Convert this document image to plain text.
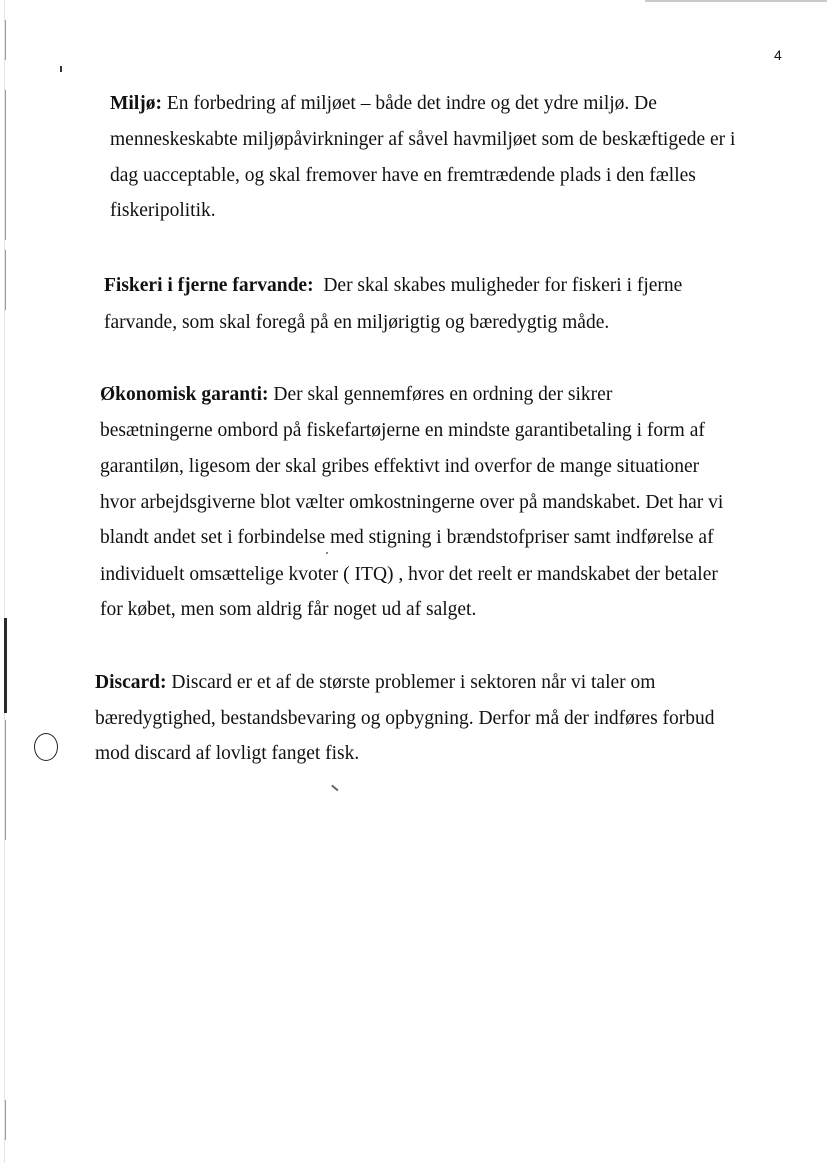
4
Miljø: En forbedring af miljøet – både det indre og det ydre miljø. De
menneskeskabte miljøpåvirkninger af såvel havmiljøet som de beskæftigede er i
dag uacceptable, og skal fremover have en fremtrædende plads i den fælles
fiskeripolitik.
Fiskeri i fjerne farvande: Der skal skabes muligheder for fiskeri i fjerne
farvande, som skal foregå på en miljørigtig og bæredygtig måde.
Økonomisk garanti: Der skal gennemføres en ordning der sikrer
besætningerne ombord på fiskefartøjerne en mindste garantibetaling i form af
garantiløn, ligesom der skal gribes effektivt ind overfor de mange situationer
hvor arbejdsgiverne blot vælter omkostningerne over på mandskabet. Det har vi
blandt andet set i forbindelse med stigning i brændstofpriser samt indførelse af
individuelt omsættelige kvoter ( ITQ) , hvor det reelt er mandskabet der betaler
for købet, men som aldrig får noget ud af salget.
Discard: Discard er et af de største problemer i sektoren når vi taler om
bæredygtighed, bestandsbevaring og opbygning. Derfor må der indføres forbud
mod discard af lovligt fanget fisk.
